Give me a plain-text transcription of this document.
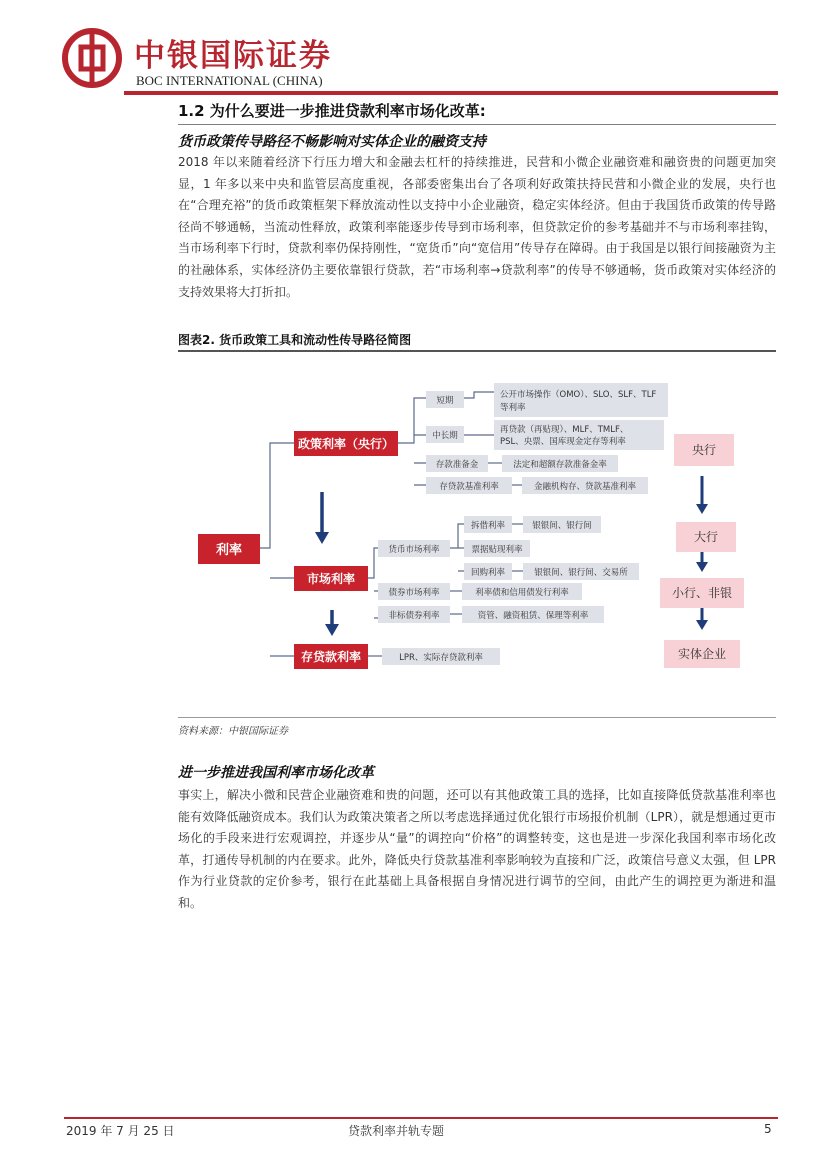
中银国际证券
BOC INTERNATIONAL (CHINA)
1.2 为什么要进一步推进贷款利率市场化改革:
货币政策传导路径不畅影响对实体企业的融资支持

2018 年以来随着经济下行压力增大和金融去杠杆的持续推进，民营和小微企业融资难和融资贵的问题更加突显，1 年多以来中央和监管层高度重视，各部委密集出台了各项利好政策扶持民营和小微企业的发展，央行也在“合理充裕”的货币政策框架下释放流动性以支持中小企业融资，稳定实体经济。但由于我国货币政策的传导路径尚不够通畅，当流动性释放，政策利率能逐步传导到市场利率，但贷款定价的参考基础并不与市场利率挂钩，当市场利率下行时，贷款利率仍保持刚性，“宽货币”向“宽信用”传导存在障碍。由于我国是以银行间接融资为主的社融体系，实体经济仍主要依靠银行贷款，若“市场利率→贷款利率”的传导不够通畅，货币政策对实体经济的支持效果将大打折扣。

图表2. 货币政策工具和流动性传导路径简图
利率
政策利率（央行）
市场利率
存贷款利率
短期
公开市场操作（OMO）、SLO、SLF、TLF
等利率
中长期
再贷款（再贴现）、MLF、TMLF、
PSL、央票、国库现金定存等利率
存款准备金	法定和超额存款准备金率
存贷款基准利率	金融机构存、贷款基准利率
货币市场利率
拆借利率	银银间、银行间
票据贴现利率
回购利率	银银间、银行间、交易所
债券市场利率	利率债和信用债发行利率
非标债券利率	资管、融资租赁、保理等利率
LPR、实际存贷款利率
央行
大行
小行、非银
实体企业
资料来源：中银国际证券
进一步推进我国利率市场化改革

事实上，解决小微和民营企业融资难和贵的问题，还可以有其他政策工具的选择，比如直接降低贷款基准利率也能有效降低融资成本。我们认为政策决策者之所以考虑选择通过优化银行市场报价机制（LPR），就是想通过更市场化的手段来进行宏观调控，并逐步从“量”的调控向“价格”的调整转变，这也是进一步深化我国利率市场化改革，打通传导机制的内在要求。此外，降低央行贷款基准利率影响较为直接和广泛，政策信号意义太强，但 LPR 作为行业贷款的定价参考，银行在此基础上具备根据自身情况进行调节的空间，由此产生的调控更为渐进和温和。

2019 年 7 月 25 日	贷款利率并轨专题	5
